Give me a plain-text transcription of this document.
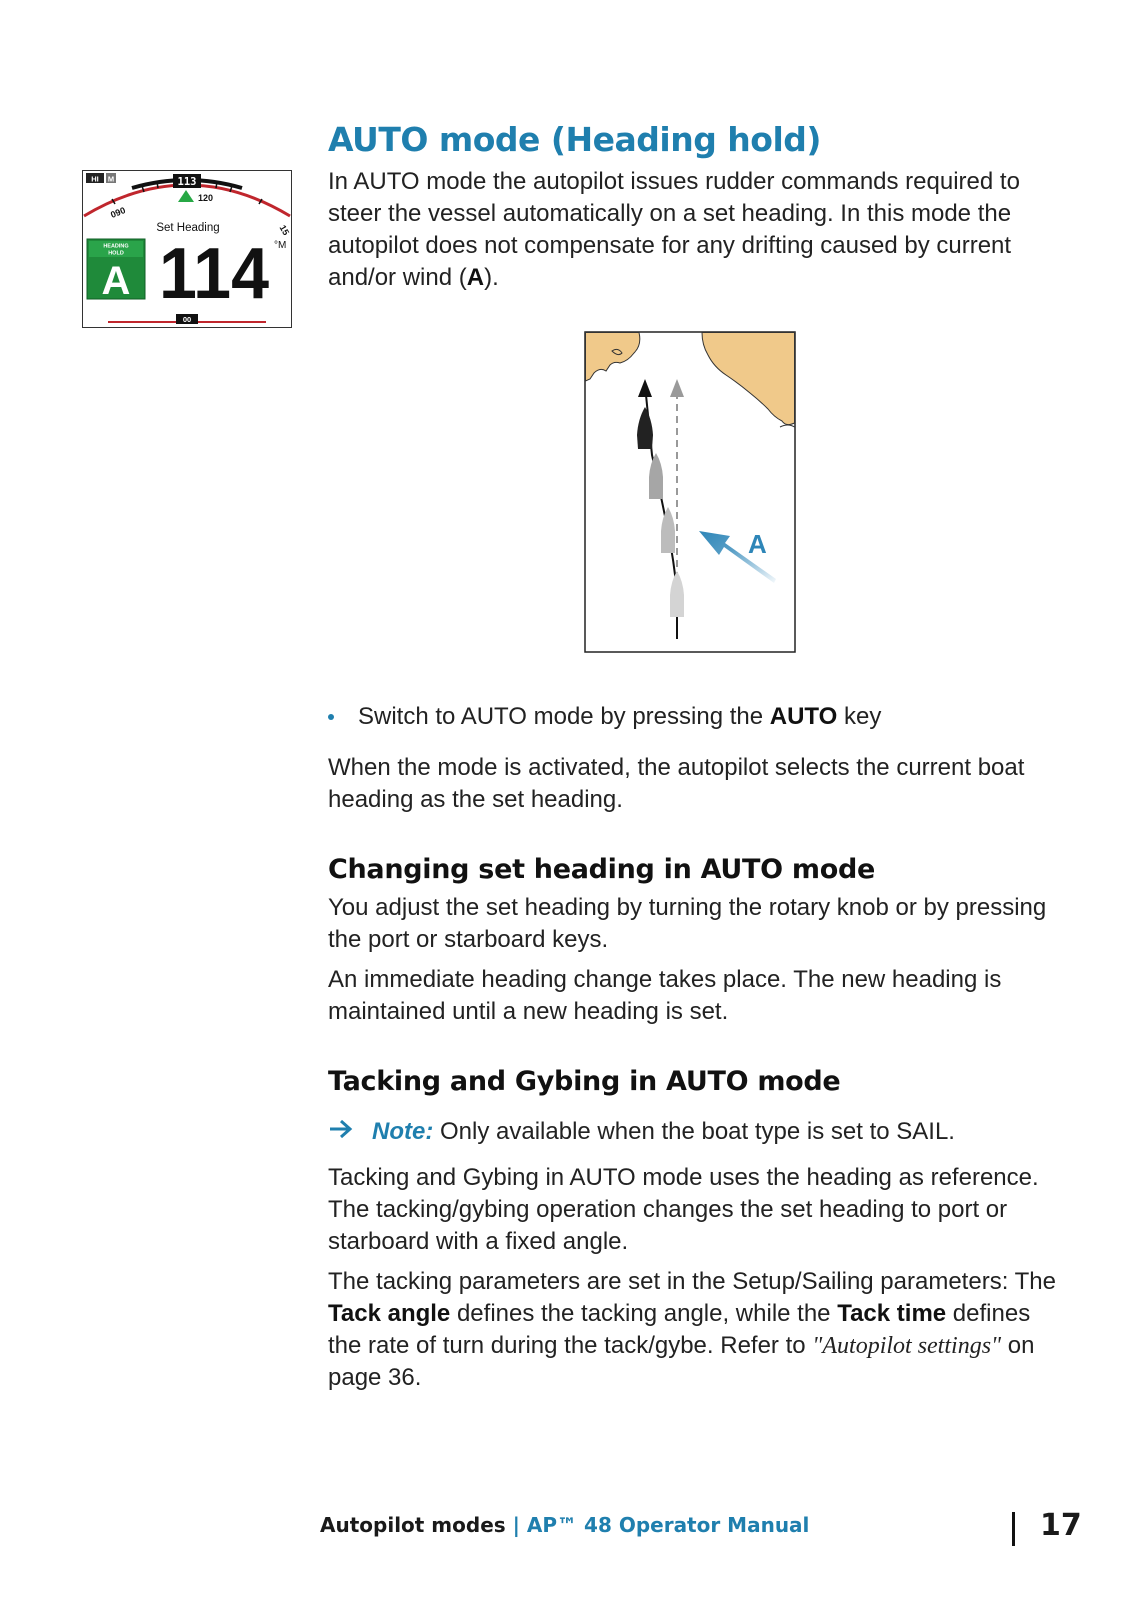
AUTO mode (Heading hold)
HI M	113
120
090
15
Set Heading
HEADING
HOLD
A 114 °M
00

In AUTO mode the autopilot issues rudder commands required to steer the vessel automatically on a set heading. In this mode the autopilot does not compensate for any drifting caused by current and/or wind (A).

A

Switch to AUTO mode by pressing the AUTO key

When the mode is activated, the autopilot selects the current boat heading as the set heading.

Changing set heading in AUTO mode

You adjust the set heading by turning the rotary knob or by pressing the port or starboard keys.

An immediate heading change takes place. The new heading is maintained until a new heading is set.

Tacking and Gybing in AUTO mode

Note: Only available when the boat type is set to SAIL.

Tacking and Gybing in AUTO mode uses the heading as reference. The tacking/gybing operation changes the set heading to port or starboard with a fixed angle.

The tacking parameters are set in the Setup/Sailing parameters: The Tack angle defines the tacking angle, while the Tack time defines the rate of turn during the tack/gybe. Refer to "Autopilot settings" on page 36.

Autopilot modes | AP™ 48 Operator Manual	17
